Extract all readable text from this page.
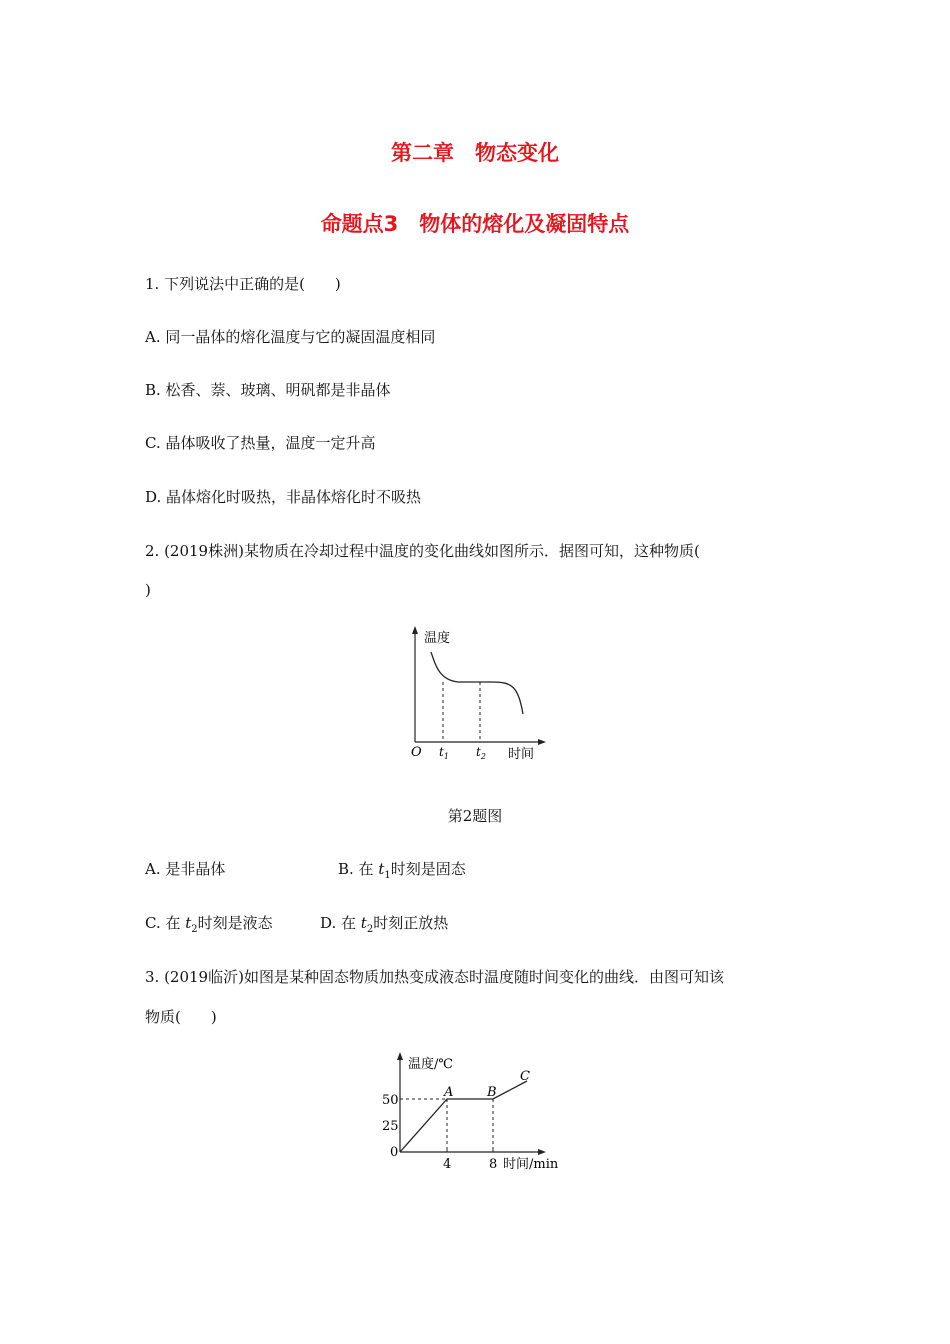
第二章　物态变化
命题点3　物体的熔化及凝固特点
1. 下列说法中正确的是(　　)
A. 同一晶体的熔化温度与它的凝固温度相同
B. 松香、萘、玻璃、明矾都是非晶体
C. 晶体吸收了热量，温度一定升高
D. 晶体熔化时吸热，非晶体熔化时不吸热
2. (2019株洲)某物质在冷却过程中温度的变化曲线如图所示．据图可知，这种物质(
)
温度
O $t_1$ $t_2$ 时间
第2题图
A. 是非晶体	B. 在 $t_1$时刻是固态
C. 在 $t_2$时刻是液态	D. 在 $t_2$时刻正放热
3. (2019临沂)如图是某种固态物质加热变成液态时温度随时间变化的曲线．由图可知该
物质(　　)
温度/℃
50
25
0
4	8 时间/min
A	B
C
